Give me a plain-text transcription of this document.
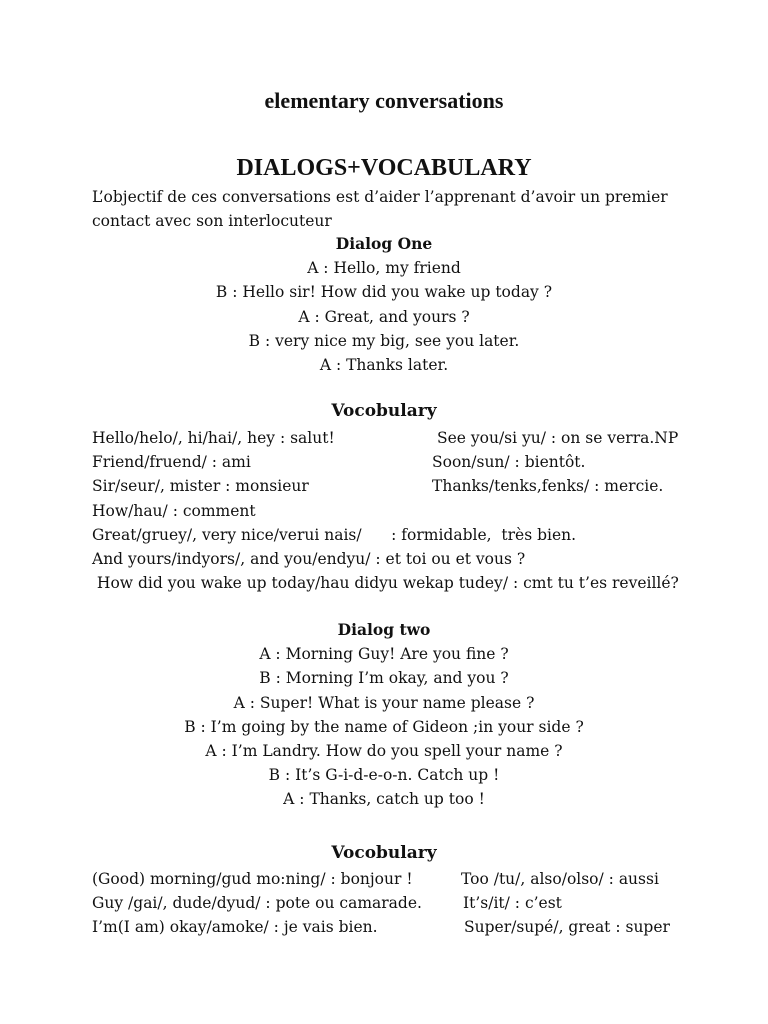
elementary conversations
DIALOGS+VOCABULARY

L’objectif de ces conversations est d’aider l’apprenant d’avoir un premier contact avec son interlocuteur

Dialog One
A : Hello, my friend
B : Hello sir! How did you wake up today ?
A : Great, and yours ?
B : very nice my big, see you later.
A : Thanks later.
Vocobulary
Hello/helo/, hi/hai/, hey : salut!	See you/si yu/ : on se verra.NP
Friend/fruend/ : ami	Soon/sun/ : bientôt.
Sir/seur/, mister : monsieur	Thanks/tenks,fenks/ : mercie.
How/hau/ : comment
Great/gruey/, very nice/verui nais/      : formidable,  très bien.
And yours/indyors/, and you/endyu/ : et toi ou et vous ?
How did you wake up today/hau didyu wekap tudey/ : cmt tu t’es reveillé?
Dialog two
A : Morning Guy! Are you fine ?
B : Morning I’m okay, and you ?
A : Super! What is your name please ?
B : I’m going by the name of Gideon ;in your side ?
A : I’m Landry. How do you spell your name ?
B : It’s G-i-d-e-o-n. Catch up !
A : Thanks, catch up too !
Vocobulary
(Good) morning/gud mo:ning/ : bonjour !	Too /tu/, also/olso/ : aussi
Guy /gai/, dude/dyud/ : pote ou camarade.	It’s/it/ : c’est
I’m(I am) okay/amoke/ : je vais bien.	Super/supé/, great : super
